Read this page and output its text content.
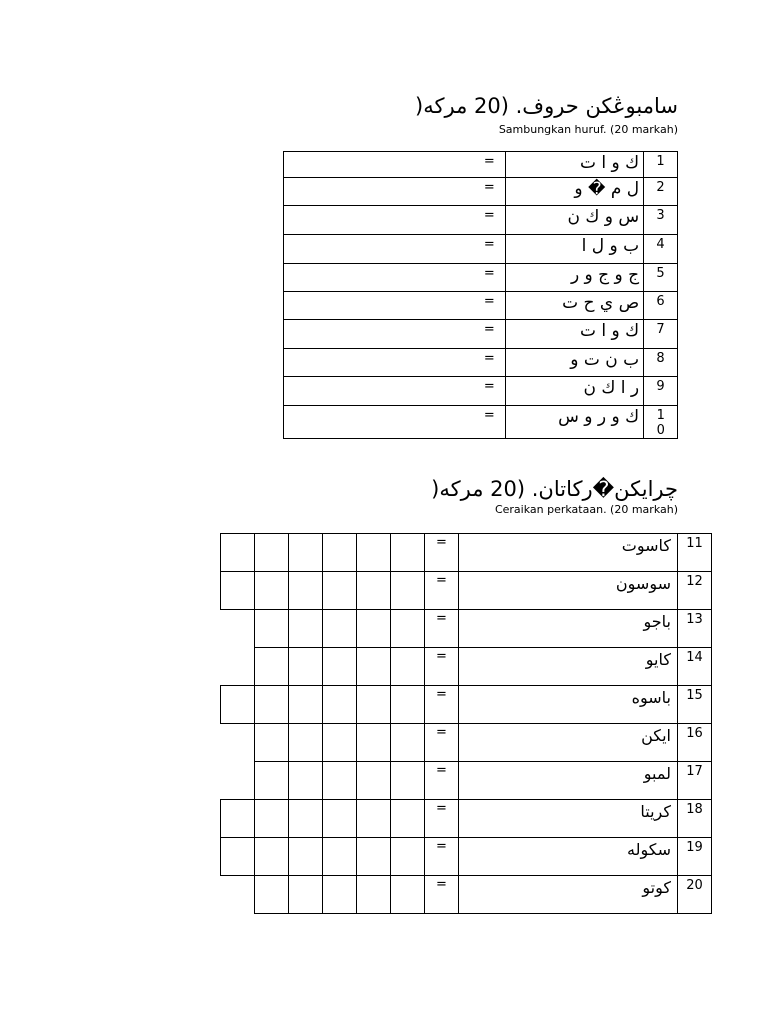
)سامبوڠکن حروف. (20 مرکه
Sambungkan huruf. (20 markah)
=	ك و ا ت	1

=	ل م � و	2

=	س و ك ن	3

=	ب و ل ا	4

=	ج و ج و ر	5

=	ص ي ح ت	6

=	ك و ا ت	7

=	ب ن ت و	8

=	ر ا ك ن	9

=	ك و ر و س	10
)چرايکن�رکاتان. (20 مرکه
Ceraikan perkataan. (20 markah)

						=	كاسوت	11

						=	سوسون	12

						=	باجو	13

						=	كايو	14

						=	باسوه	15

						=	ايكن	16

						=	لمبو	17

						=	كريتا	18

						=	سكوله	19

						=	كوتو	20
